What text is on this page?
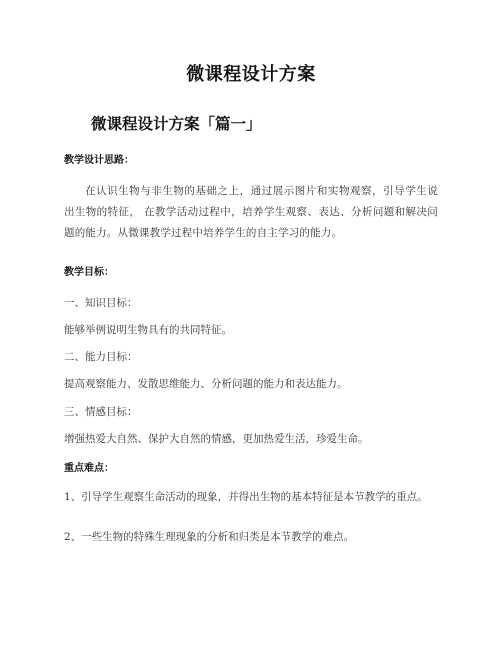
微课程设计方案
微课程设计方案「篇一」
教学设计思路：

在认识生物与非生物的基础之上，通过展示图片和实物观察，引导学生说出生物的特征， 在教学活动过程中，培养学生观察、表达、分析问题和解决问题的能力。从微课教学过程中培养学生的自主学习的能力。

教学目标：
一、知识目标：
能够举例说明生物具有的共同特征。
二、能力目标：
提高观察能力、发散思维能力、分析问题的能力和表达能力。
三、情感目标：
增强热爱大自然、保护大自然的情感，更加热爱生活，珍爱生命。
重点难点：

1、引导学生观察生命活动的现象，并得出生物的基本特征是本节教学的重点。

2、一些生物的特殊生理现象的分析和归类是本节教学的难点。
